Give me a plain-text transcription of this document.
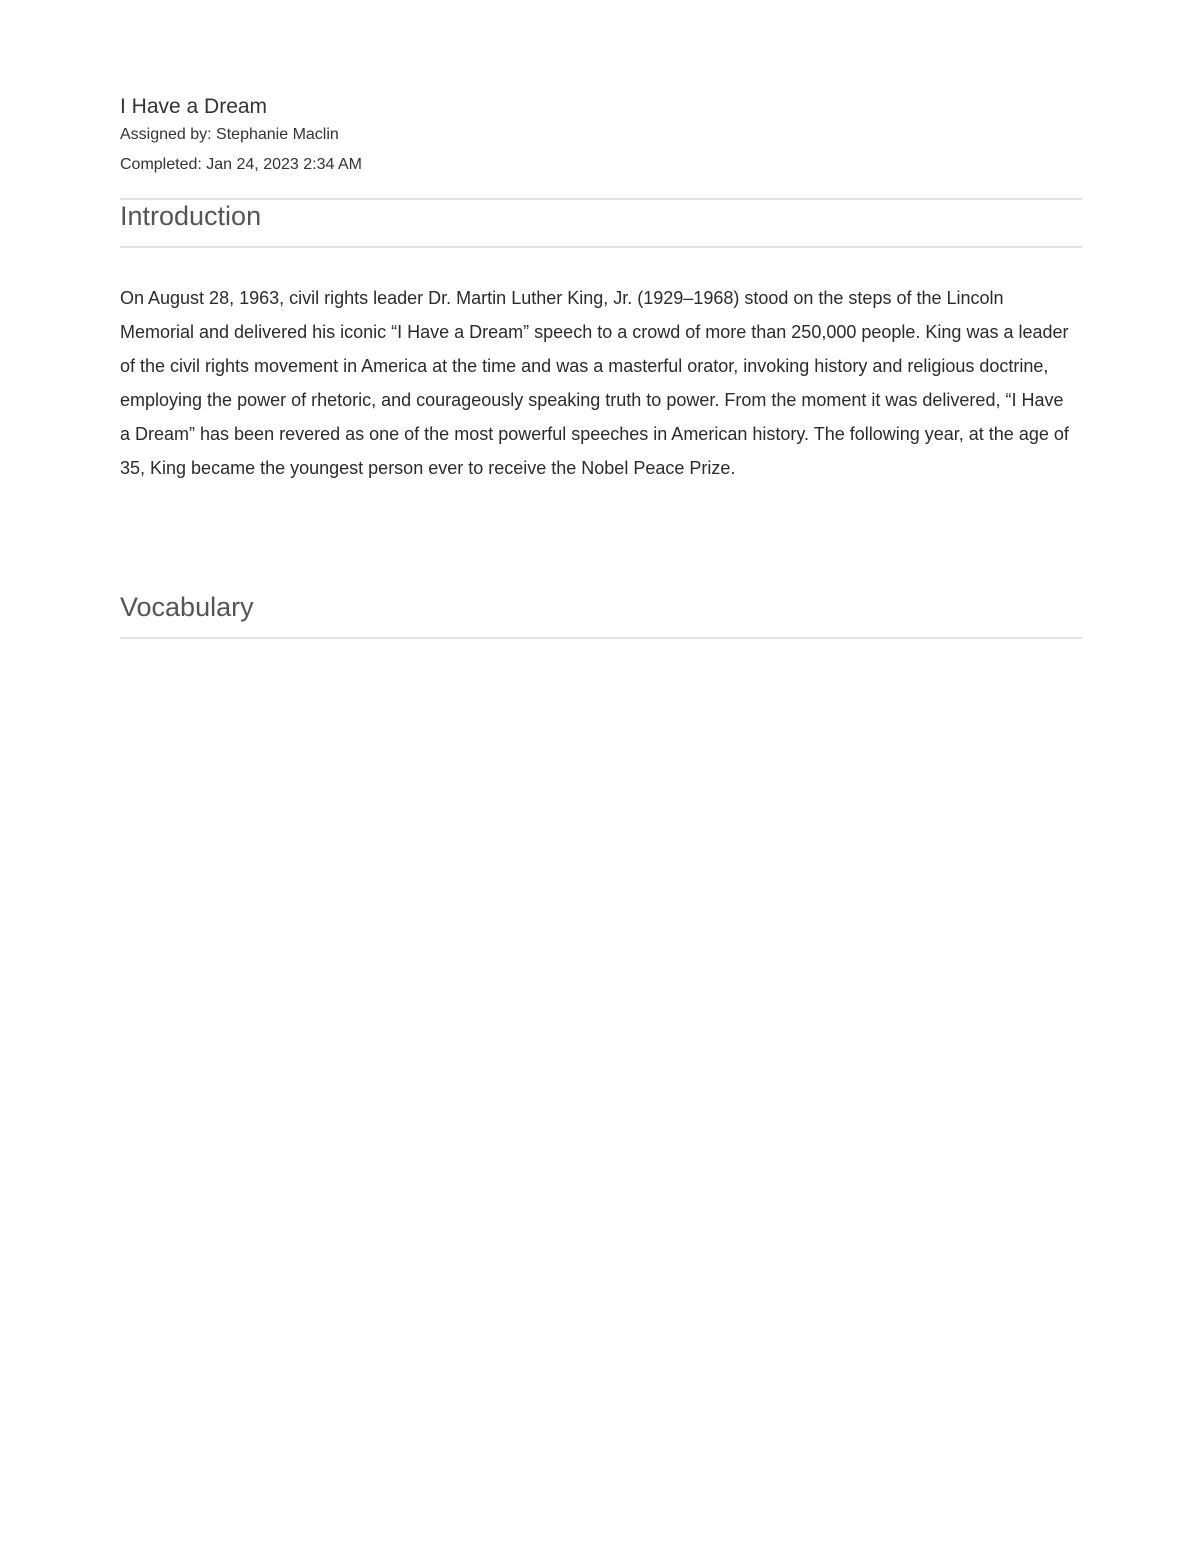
I Have a Dream
Assigned by: Stephanie Maclin
Completed: Jan 24, 2023 2:34 AM
Introduction

On August 28, 1963, civil rights leader Dr. Martin Luther King, Jr. (1929–1968) stood on the steps of the Lincoln Memorial and delivered his iconic “I Have a Dream” speech to a crowd of more than 250,000 people. King was a leader of the civil rights movement in America at the time and was a masterful orator, invoking history and religious doctrine, employing the power of rhetoric, and courageously speaking truth to power. From the moment it was delivered, “I Have a Dream” has been revered as one of the most powerful speeches in American history. The following year, at the age of 35, King became the youngest person ever to receive the Nobel Peace Prize.

Vocabulary
